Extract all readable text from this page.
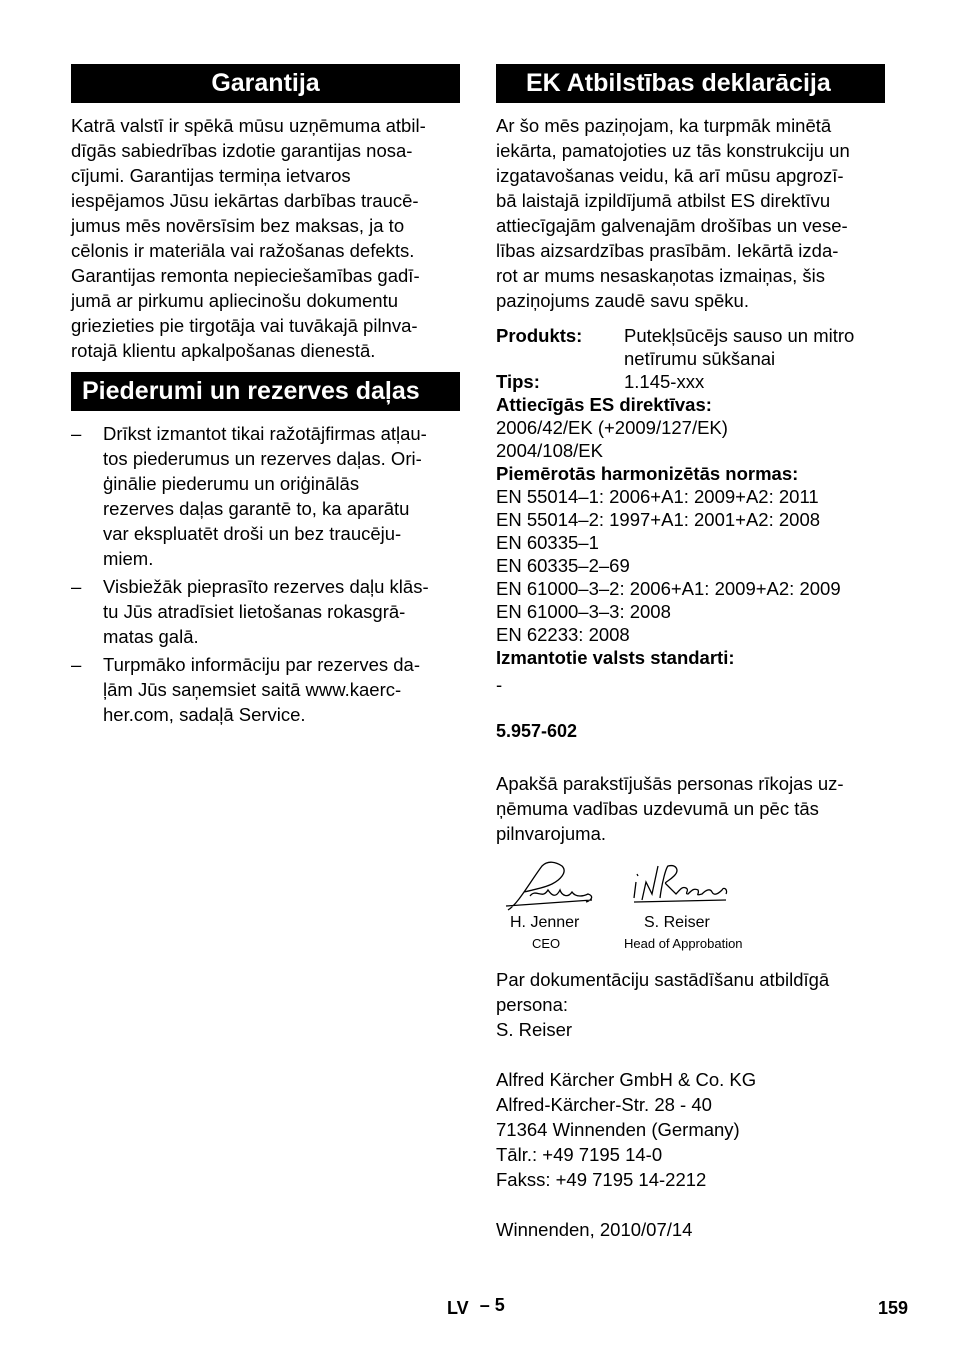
Garantija
Katrā valstī ir spēkā mūsu uzņēmuma atbil-
dīgās sabiedrības izdotie garantijas nosa-
cījumi. Garantijas termiņa ietvaros
iespējamos Jūsu iekārtas darbības traucē-
jumus mēs novērsīsim bez maksas, ja to
cēlonis ir materiāla vai ražošanas defekts.
Garantijas remonta nepieciešamības gadī-
jumā ar pirkumu apliecinošu dokumentu
griezieties pie tirgotāja vai tuvākajā pilnva-
rotajā klientu apkalpošanas dienestā.
Piederumi un rezerves daļas
–	Drīkst izmantot tikai ražotājfirmas atļau-
tos piederumus un rezerves daļas. Ori-
ģinālie piederumu un oriģinālās
rezerves daļas garantē to, ka aparātu
var ekspluatēt droši un bez traucēju-
miem.
–	Visbiežāk pieprasīto rezerves daļu klās-
tu Jūs atradīsiet lietošanas rokasgrā-
matas galā.
–	Turpmāko informāciju par rezerves da-
ļām Jūs saņemsiet saitā www.kaerc-
her.com, sadaļā Service.
EK Atbilstības deklarācija
Ar šo mēs paziņojam, ka turpmāk minētā
iekārta, pamatojoties uz tās konstrukciju un
izgatavošanas veidu, kā arī mūsu apgrozī-
bā laistajā izpildījumā atbilst ES direktīvu
attiecīgajām galvenajām drošības un vese-
lības aizsardzības prasībām. Iekārtā izda-
rot ar mums nesaskaņotas izmaiņas, šis
paziņojums zaudē savu spēku.
Produkts:	Putekļsūcējs sauso un mitro
netīrumu sūkšanai
Tips:	1.145-xxx
Attiecīgās ES direktīvas:
2006/42/EK (+2009/127/EK)
2004/108/EK
Piemērotās harmonizētās normas:
EN 55014–1: 2006+A1: 2009+A2: 2011
EN 55014–2: 1997+A1: 2001+A2: 2008
EN 60335–1
EN 60335–2–69
EN 61000–3–2: 2006+A1: 2009+A2: 2009
EN 61000–3–3: 2008
EN 62233: 2008
Izmantotie valsts standarti:
-
5.957-602
Apakšā parakstījušās personas rīkojas uz-
ņēmuma vadības uzdevumā un pēc tās
pilnvarojuma.
H. Jenner
CEO
S. Reiser
Head of Approbation
Par dokumentāciju sastādīšanu atbildīgā
persona:
S. Reiser
Alfred Kärcher GmbH & Co. KG
Alfred-Kärcher-Str. 28 - 40
71364 Winnenden (Germany)
Tālr.: +49 7195 14-0
Fakss: +49 7195 14-2212
Winnenden, 2010/07/14
LV – 5	159
